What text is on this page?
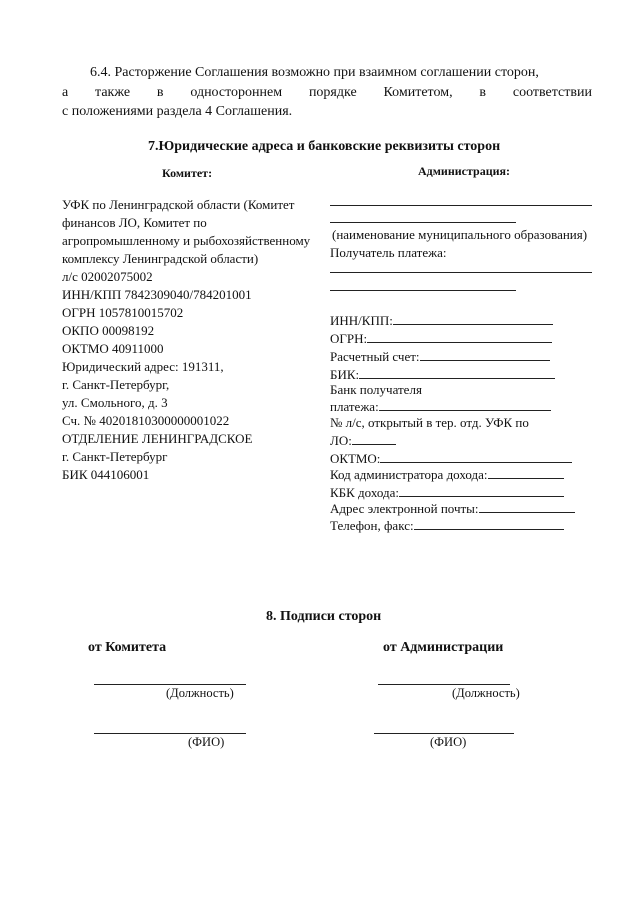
6.4. Расторжение Соглашения возможно при взаимном соглашении сторон,
а также в одностороннем порядке Комитетом, в соответствии
с положениями раздела 4 Соглашения.
7.Юридические адреса и банковские реквизиты сторон
Комитет:	Администрация:
УФК по Ленинградской области (Комитет
финансов ЛО, Комитет по
агропромышленному и рыбохозяйственному
комплексу Ленинградской области)
л/с 02002075002
ИНН/КПП 7842309040/784201001
ОГРН 1057810015702
ОКПО 00098192
ОКТМО 40911000
Юридический адрес: 191311,
г. Санкт-Петербург,
ул. Смольного, д. 3
Сч. № 40201810300000001022
ОТДЕЛЕНИЕ ЛЕНИНГРАДСКОЕ
г. Санкт-Петербург
БИК 044106001
(наименование муниципального образования)
Получатель платежа:
ИНН/КПП:
ОГРН:
Расчетный счет:
БИК:
Банк получателя
платежа:
№ л/с, открытый в тер. отд. УФК по
ЛО:
ОКТМО:
Код администратора дохода:
КБК дохода:
Адрес электронной почты:
Телефон, факс:
8. Подписи сторон
от Комитета	от Администрации
(Должность)
(ФИО)
(Должность)
(ФИО)
